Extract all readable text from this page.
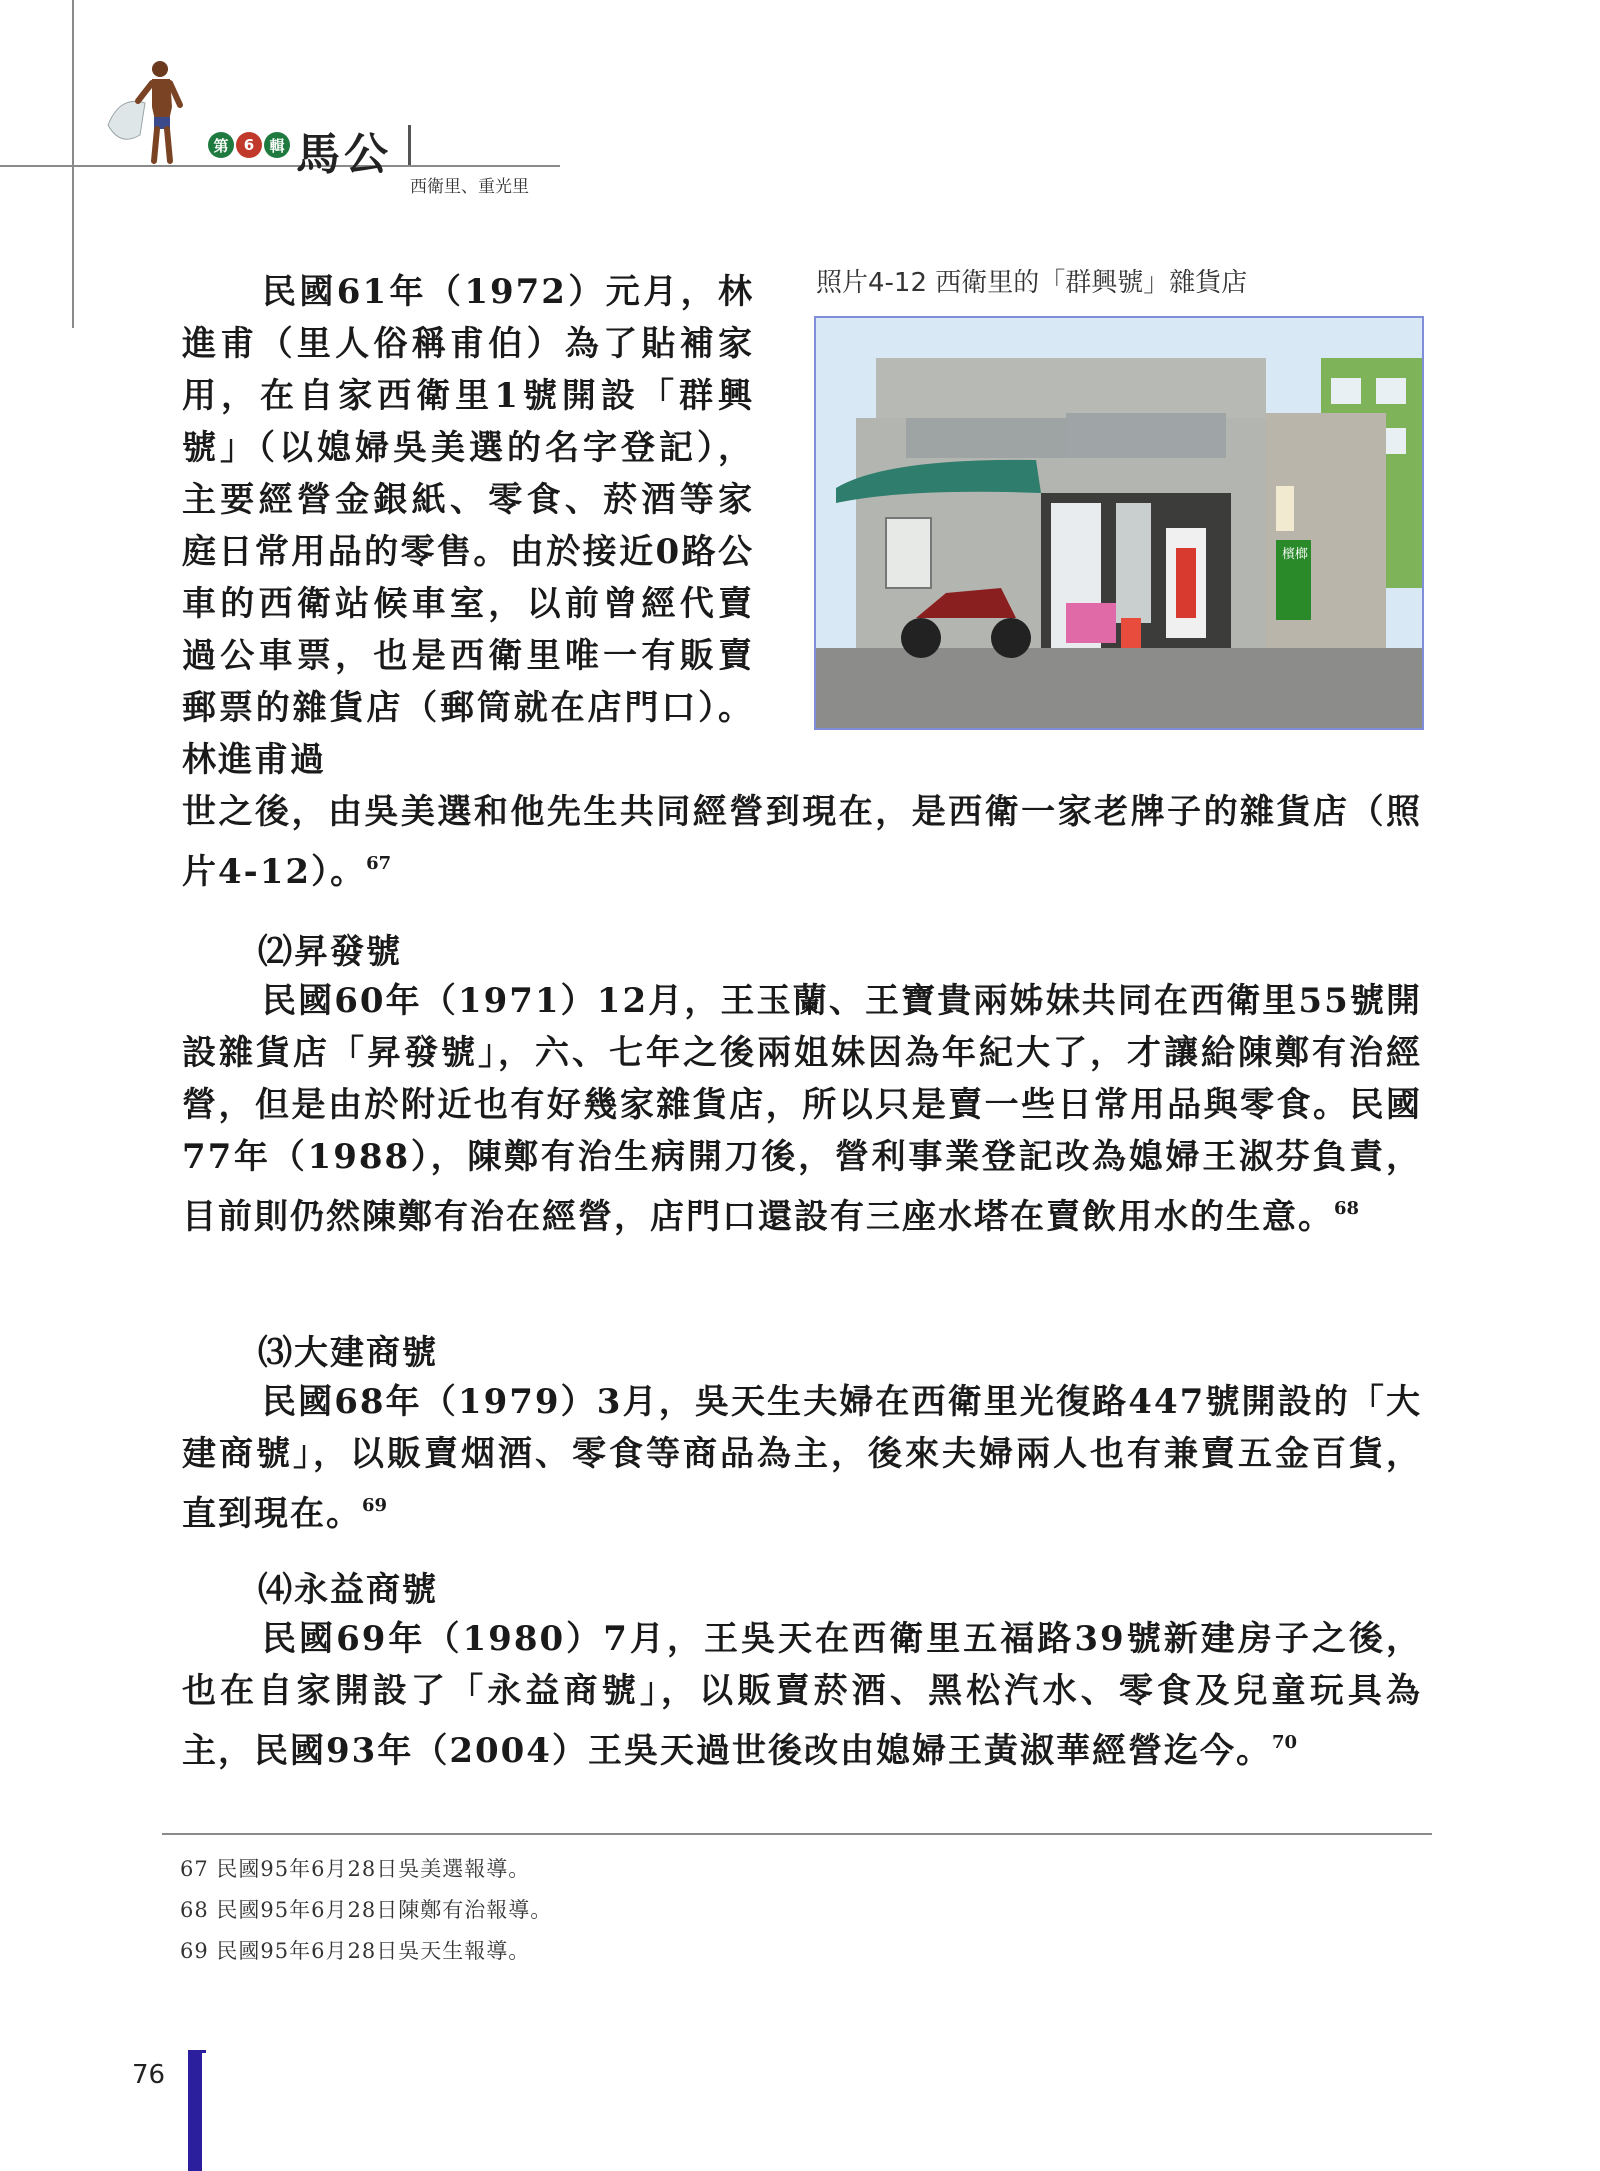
第	6	輯 馬公
西衛里、重光里
照片4-12 西衛里的「群興號」雜貨店
檳榔
民國61年（1972）元月，林進甫（里人俗稱甫伯）為了貼補家用，在自家西衛里1號開設「群興號」（以媳婦吳美選的名字登記），主要經營金銀紙、零食、菸酒等家庭日常用品的零售。由於接近0路公車的西衛站候車室，以前曾經代賣過公車票，也是西衛里唯一有販賣郵票的雜貨店（郵筒就在店門口）。林進甫過
世之後，由吳美選和他先生共同經營到現在，是西衛一家老牌子的雜貨店（照片4-12）。$^{67}$
⑵昇發號
民國60年（1971）12月，王玉蘭、王寶貴兩姊妹共同在西衛里55號開設雜貨店「昇發號」，六、七年之後兩姐妹因為年紀大了，才讓給陳鄭有治經營，但是由於附近也有好幾家雜貨店，所以只是賣一些日常用品與零食。民國77年（1988），陳鄭有治生病開刀後，營利事業登記改為媳婦王淑芬負責，目前則仍然陳鄭有治在經營，店門口還設有三座水塔在賣飲用水的生意。$^{68}$
⑶大建商號
民國68年（1979）3月，吳天生夫婦在西衛里光復路447號開設的「大建商號」，以販賣烟酒、零食等商品為主，後來夫婦兩人也有兼賣五金百貨，直到現在。$^{69}$
⑷永益商號
民國69年（1980）7月，王吳天在西衛里五福路39號新建房子之後，也在自家開設了「永益商號」，以販賣菸酒、黑松汽水、零食及兒童玩具為主，民國93年（2004）王吳天過世後改由媳婦王黃淑華經營迄今。$^{70}$
67 民國95年6月28日吳美選報導。
68 民國95年6月28日陳鄭有治報導。
69 民國95年6月28日吳天生報導。
76
